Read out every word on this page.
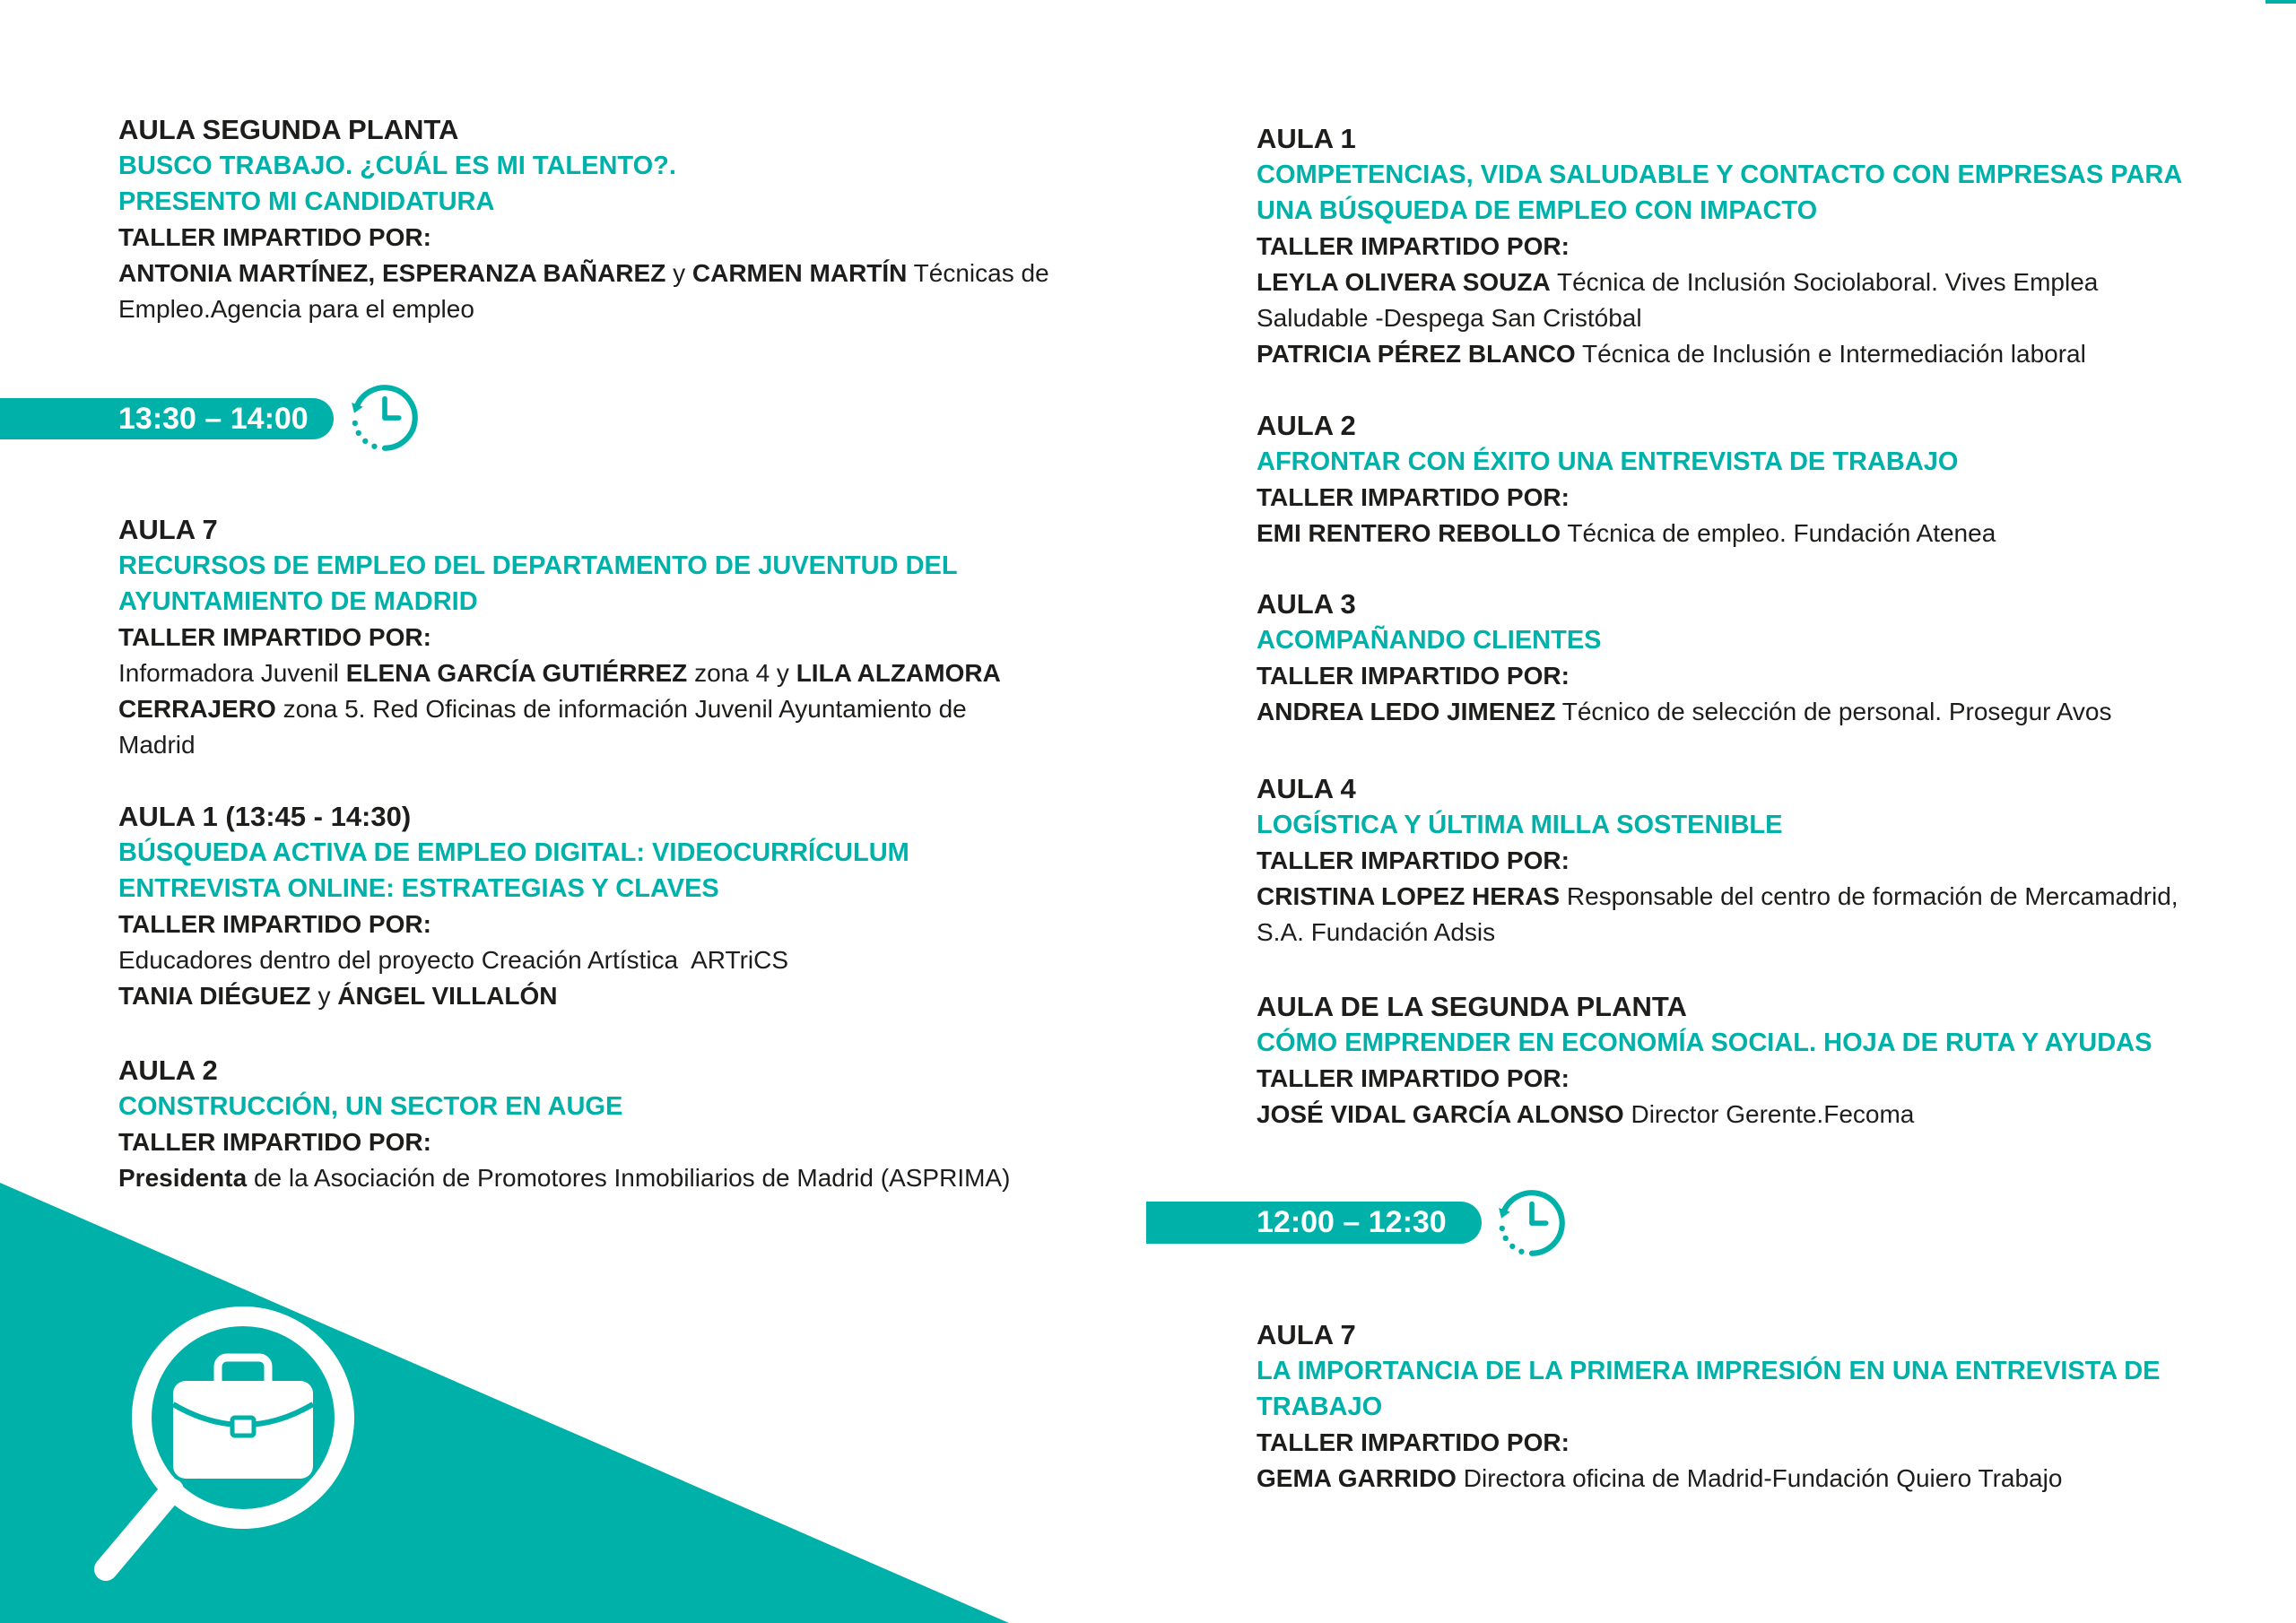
AULA SEGUNDA PLANTA
BUSCO TRABAJO. ¿CUÁL ES MI TALENTO?.
PRESENTO MI CANDIDATURA
TALLER IMPARTIDO POR:
ANTONIA MARTÍNEZ, ESPERANZA BAÑAREZ y CARMEN MARTÍN Técnicas de
Empleo.Agencia para el empleo
13:30 – 14:00
AULA 7
RECURSOS DE EMPLEO DEL DEPARTAMENTO DE JUVENTUD DEL
AYUNTAMIENTO DE MADRID
TALLER IMPARTIDO POR:
Informadora Juvenil ELENA GARCÍA GUTIÉRREZ zona 4 y LILA ALZAMORA
CERRAJERO zona 5. Red Oficinas de información Juvenil Ayuntamiento de
Madrid
AULA 1 (13:45 - 14:30)
BÚSQUEDA ACTIVA DE EMPLEO DIGITAL: VIDEOCURRÍCULUM
ENTREVISTA ONLINE: ESTRATEGIAS Y CLAVES
TALLER IMPARTIDO POR:
Educadores dentro del proyecto Creación Artística  ARTriCS
TANIA DIÉGUEZ y ÁNGEL VILLALÓN
AULA 2
CONSTRUCCIÓN, UN SECTOR EN AUGE
TALLER IMPARTIDO POR:
Presidenta de la Asociación de Promotores Inmobiliarios de Madrid (ASPRIMA)
AULA 1
COMPETENCIAS, VIDA SALUDABLE Y CONTACTO CON EMPRESAS PARA
UNA BÚSQUEDA DE EMPLEO CON IMPACTO
TALLER IMPARTIDO POR:
LEYLA OLIVERA SOUZA Técnica de Inclusión Sociolaboral. Vives Emplea
Saludable -Despega San Cristóbal
PATRICIA PÉREZ BLANCO Técnica de Inclusión e Intermediación laboral
AULA 2
AFRONTAR CON ÉXITO UNA ENTREVISTA DE TRABAJO
TALLER IMPARTIDO POR:
EMI RENTERO REBOLLO Técnica de empleo. Fundación Atenea
AULA 3
ACOMPAÑANDO CLIENTES
TALLER IMPARTIDO POR:
ANDREA LEDO JIMENEZ Técnico de selección de personal. Prosegur Avos
AULA 4
LOGÍSTICA Y ÚLTIMA MILLA SOSTENIBLE
TALLER IMPARTIDO POR:
CRISTINA LOPEZ HERAS Responsable del centro de formación de Mercamadrid,
S.A. Fundación Adsis
AULA DE LA SEGUNDA PLANTA
CÓMO EMPRENDER EN ECONOMÍA SOCIAL. HOJA DE RUTA Y AYUDAS
TALLER IMPARTIDO POR:
JOSÉ VIDAL GARCÍA ALONSO Director Gerente.Fecoma
12:00 – 12:30
AULA 7
LA IMPORTANCIA DE LA PRIMERA IMPRESIÓN EN UNA ENTREVISTA DE
TRABAJO
TALLER IMPARTIDO POR:
GEMA GARRIDO Directora oficina de Madrid-Fundación Quiero Trabajo
